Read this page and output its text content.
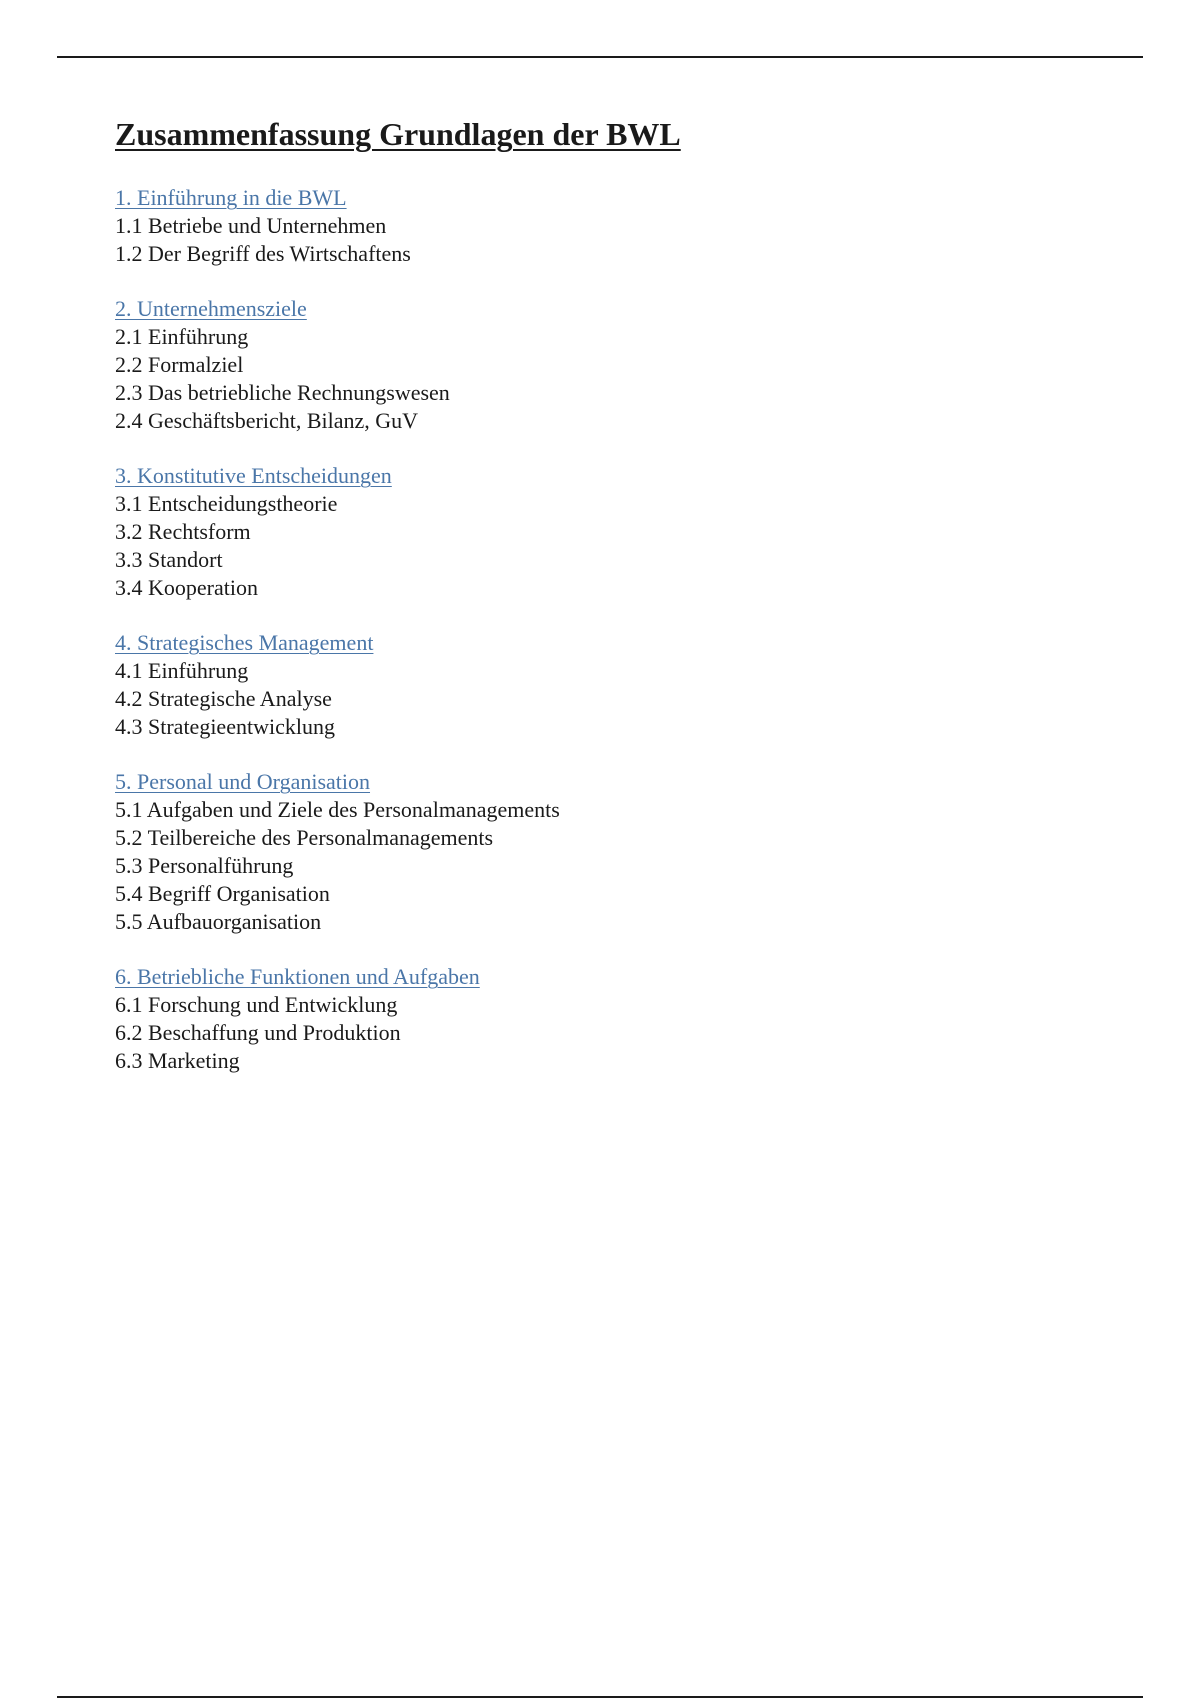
Zusammenfassung Grundlagen der BWL
1. Einführung in die BWL
1.1 Betriebe und Unternehmen
1.2 Der Begriff des Wirtschaftens
2. Unternehmensziele
2.1 Einführung
2.2 Formalziel
2.3 Das betriebliche Rechnungswesen
2.4 Geschäftsbericht, Bilanz, GuV
3. Konstitutive Entscheidungen
3.1 Entscheidungstheorie
3.2 Rechtsform
3.3 Standort
3.4 Kooperation
4. Strategisches Management
4.1 Einführung
4.2 Strategische Analyse
4.3 Strategieentwicklung
5. Personal und Organisation
5.1 Aufgaben und Ziele des Personalmanagements
5.2 Teilbereiche des Personalmanagements
5.3 Personalführung
5.4 Begriff Organisation
5.5 Aufbauorganisation
6. Betriebliche Funktionen und Aufgaben
6.1 Forschung und Entwicklung
6.2 Beschaffung und Produktion
6.3 Marketing
